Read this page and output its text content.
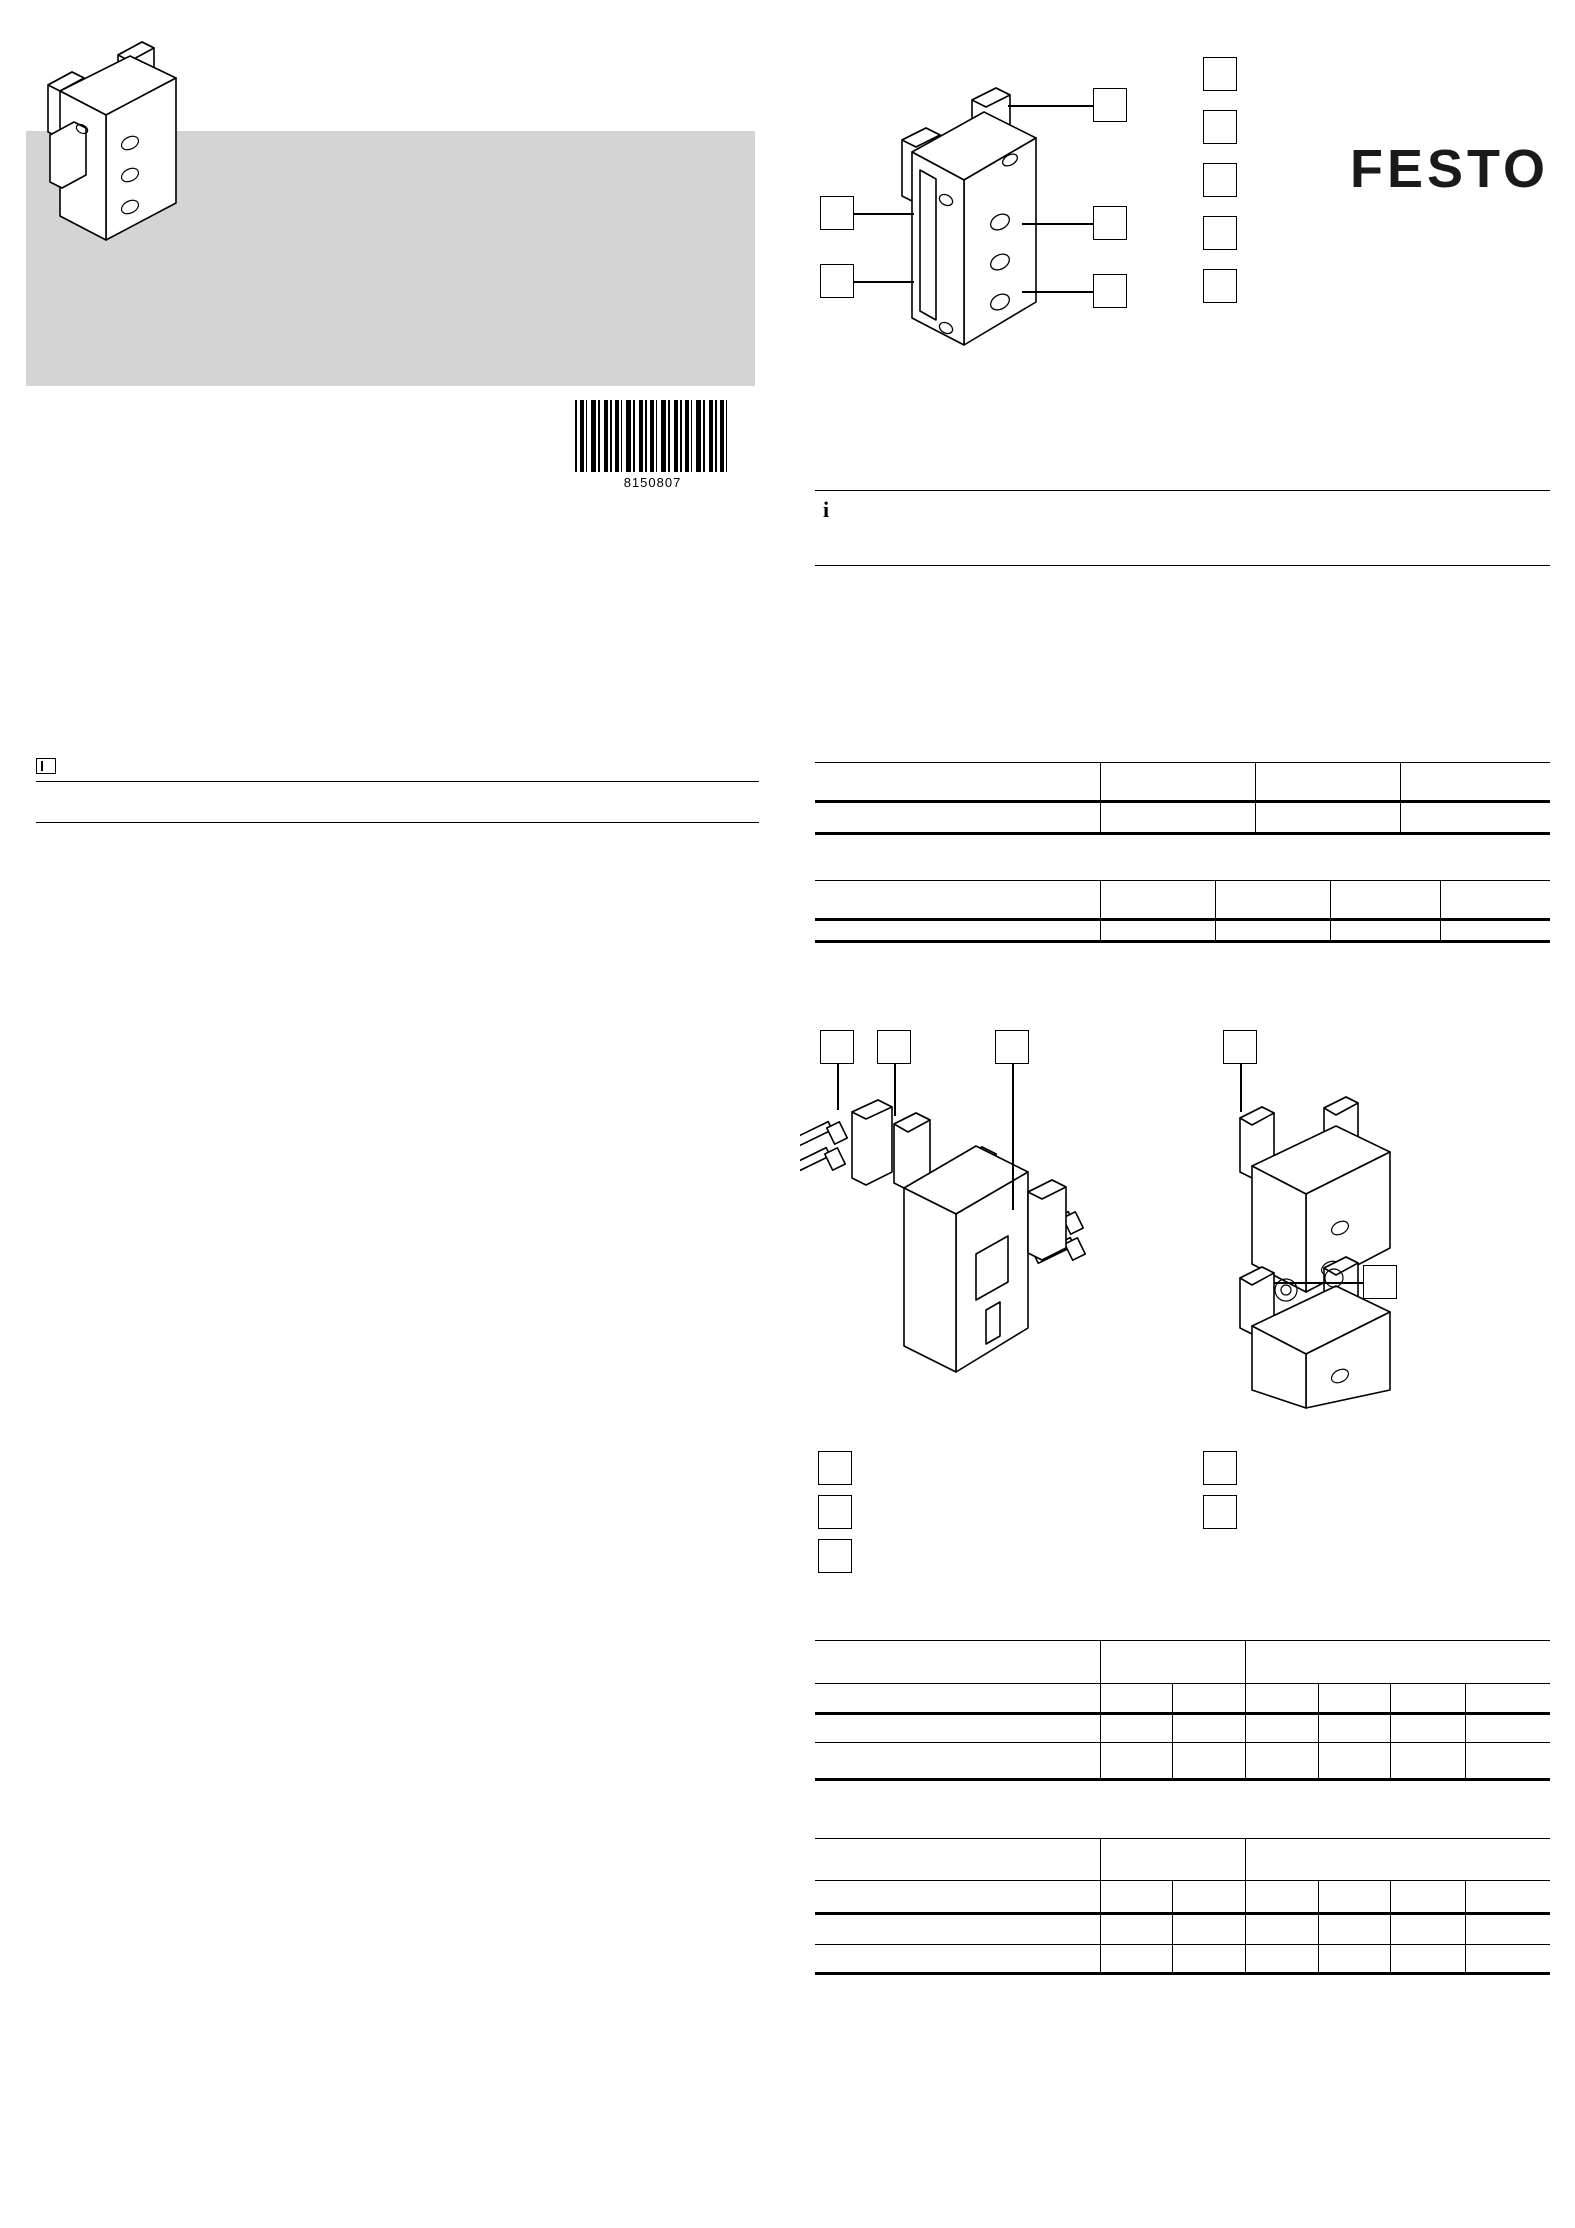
FESTO
8150807
i
